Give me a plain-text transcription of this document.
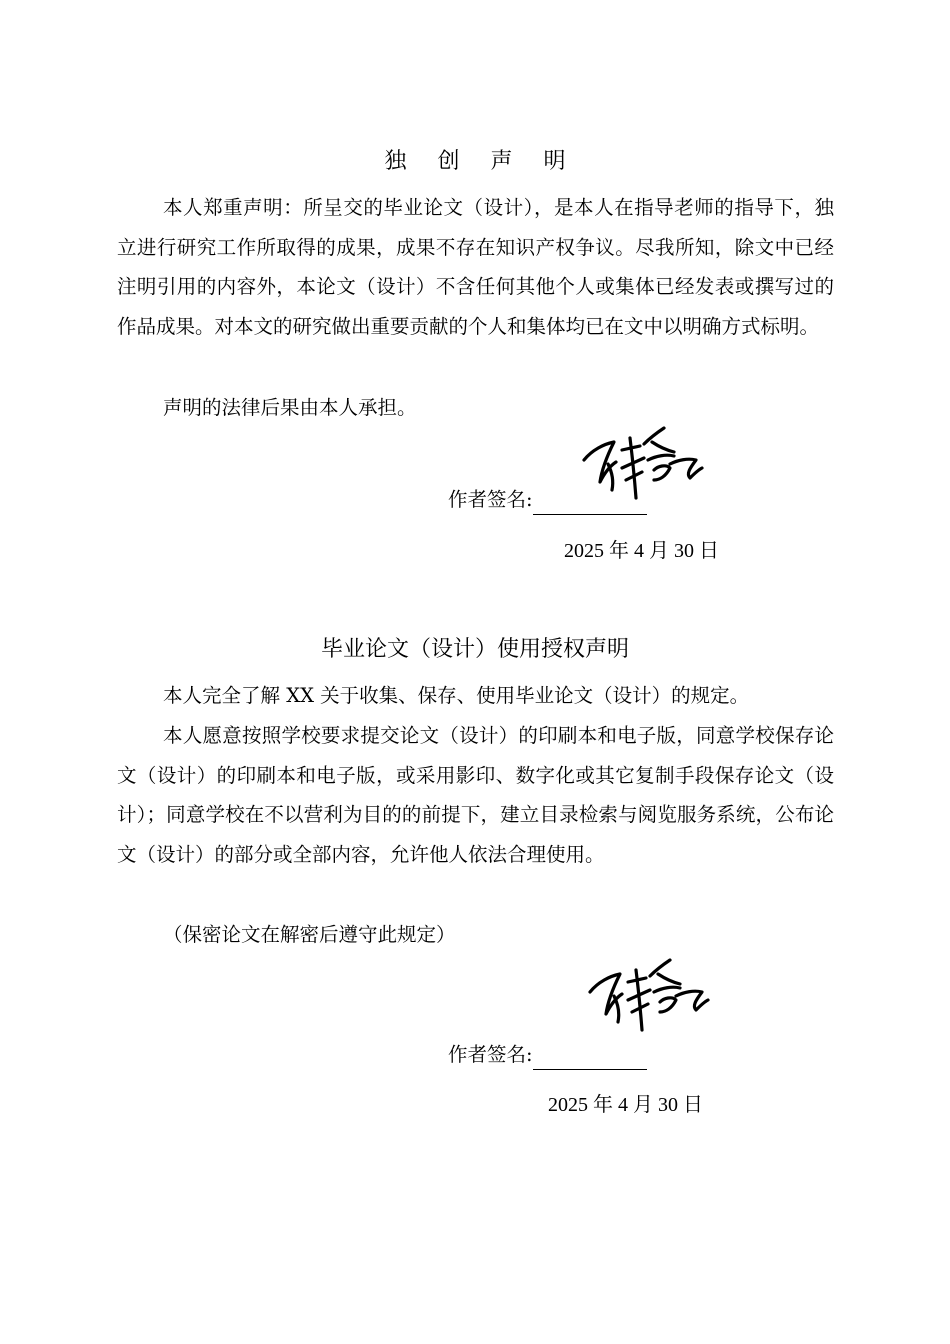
独 创 声 明

本人郑重声明：所呈交的毕业论文（设计），是本人在指导老师的指导下，独立进行研究工作所取得的成果，成果不存在知识产权争议。尽我所知，除文中已经注明引用的内容外，本论文（设计）不含任何其他个人或集体已经发表或撰写过的作品成果。对本文的研究做出重要贡献的个人和集体均已在文中以明确方式标明。

声明的法律后果由本人承担。

作者签名:
2025 年 4 月 30 日
毕业论文（设计）使用授权声明

本人完全了解 XX 关于收集、保存、使用毕业论文（设计）的规定。

本人愿意按照学校要求提交论文（设计）的印刷本和电子版，同意学校保存论文（设计）的印刷本和电子版，或采用影印、数字化或其它复制手段保存论文（设计）；同意学校在不以营利为目的的前提下，建立目录检索与阅览服务系统，公布论文（设计）的部分或全部内容，允许他人依法合理使用。

（保密论文在解密后遵守此规定）

作者签名:
2025 年 4 月 30 日
